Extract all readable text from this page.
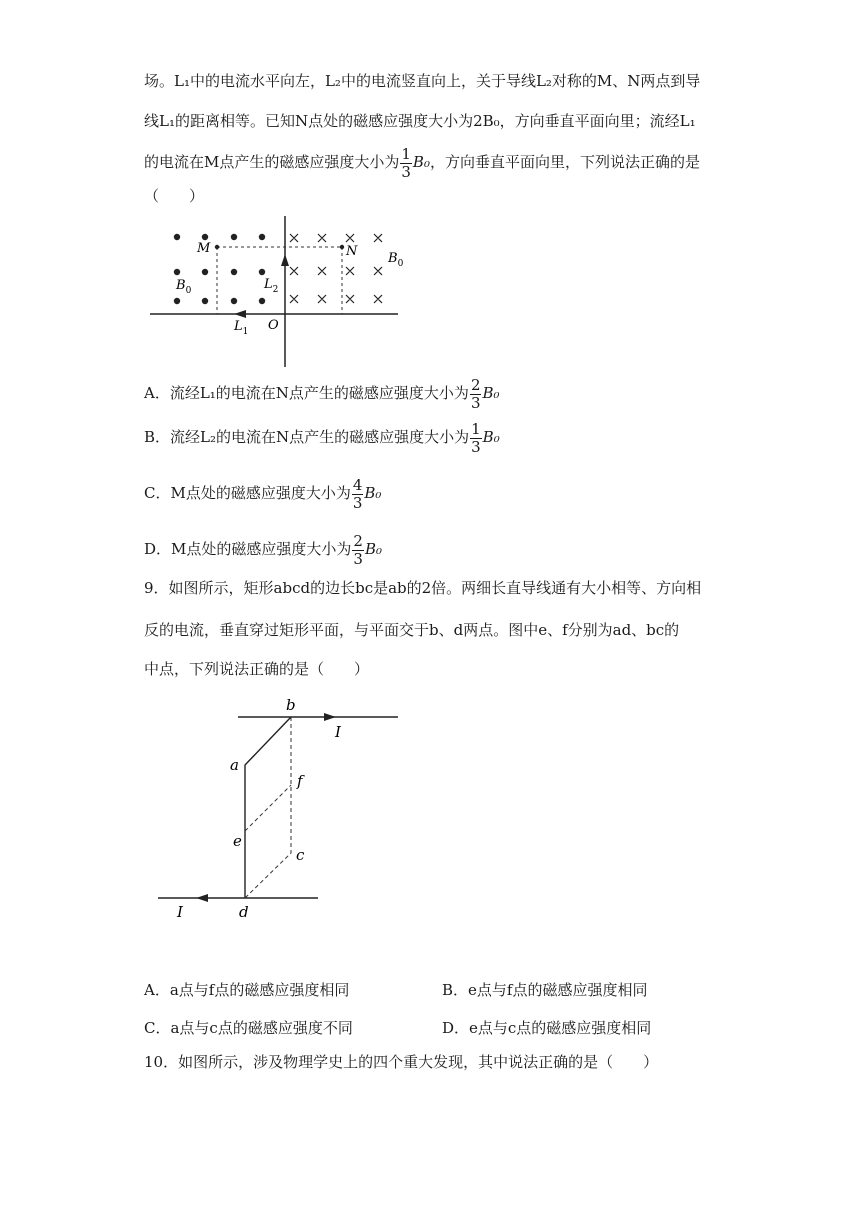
场。L₁中的电流水平向左，L₂中的电流竖直向上，关于导线L₂对称的M、N两点到导
线L₁的距离相等。已知N点处的磁感应强度大小为2B₀，方向垂直平面向里；流经L₁
的电流在M点产生的磁感应强度大小为 $\frac{1}{3} B_0$，方向垂直平面向里，下列说法正确的是
（　　）
M	N
$L_2$
$L_1$ O
$B_0$
$B_0$
A．流经L₁的电流在N点产生的磁感应强度大小为 $\frac{2}{3} B_0$
B．流经L₂的电流在N点产生的磁感应强度大小为 $\frac{1}{3} B_0$
C．M点处的磁感应强度大小为 $\frac{4}{3} B_0$
D．M点处的磁感应强度大小为 $\frac{2}{3} B_0$
9．如图所示，矩形abcd的边长bc是ab的2倍。两细长直导线通有大小相等、方向相
反的电流，垂直穿过矩形平面，与平面交于b、d两点。图中e、f分别为ad、bc的
中点，下列说法正确的是（　　）
b
a
f
e
c
d
I
I
A．a点与f点的磁感应强度相同	B．e点与f点的磁感应强度相同
C．a点与c点的磁感应强度不同	D．e点与c点的磁感应强度相同
10．如图所示，涉及物理学史上的四个重大发现，其中说法正确的是（　　）
